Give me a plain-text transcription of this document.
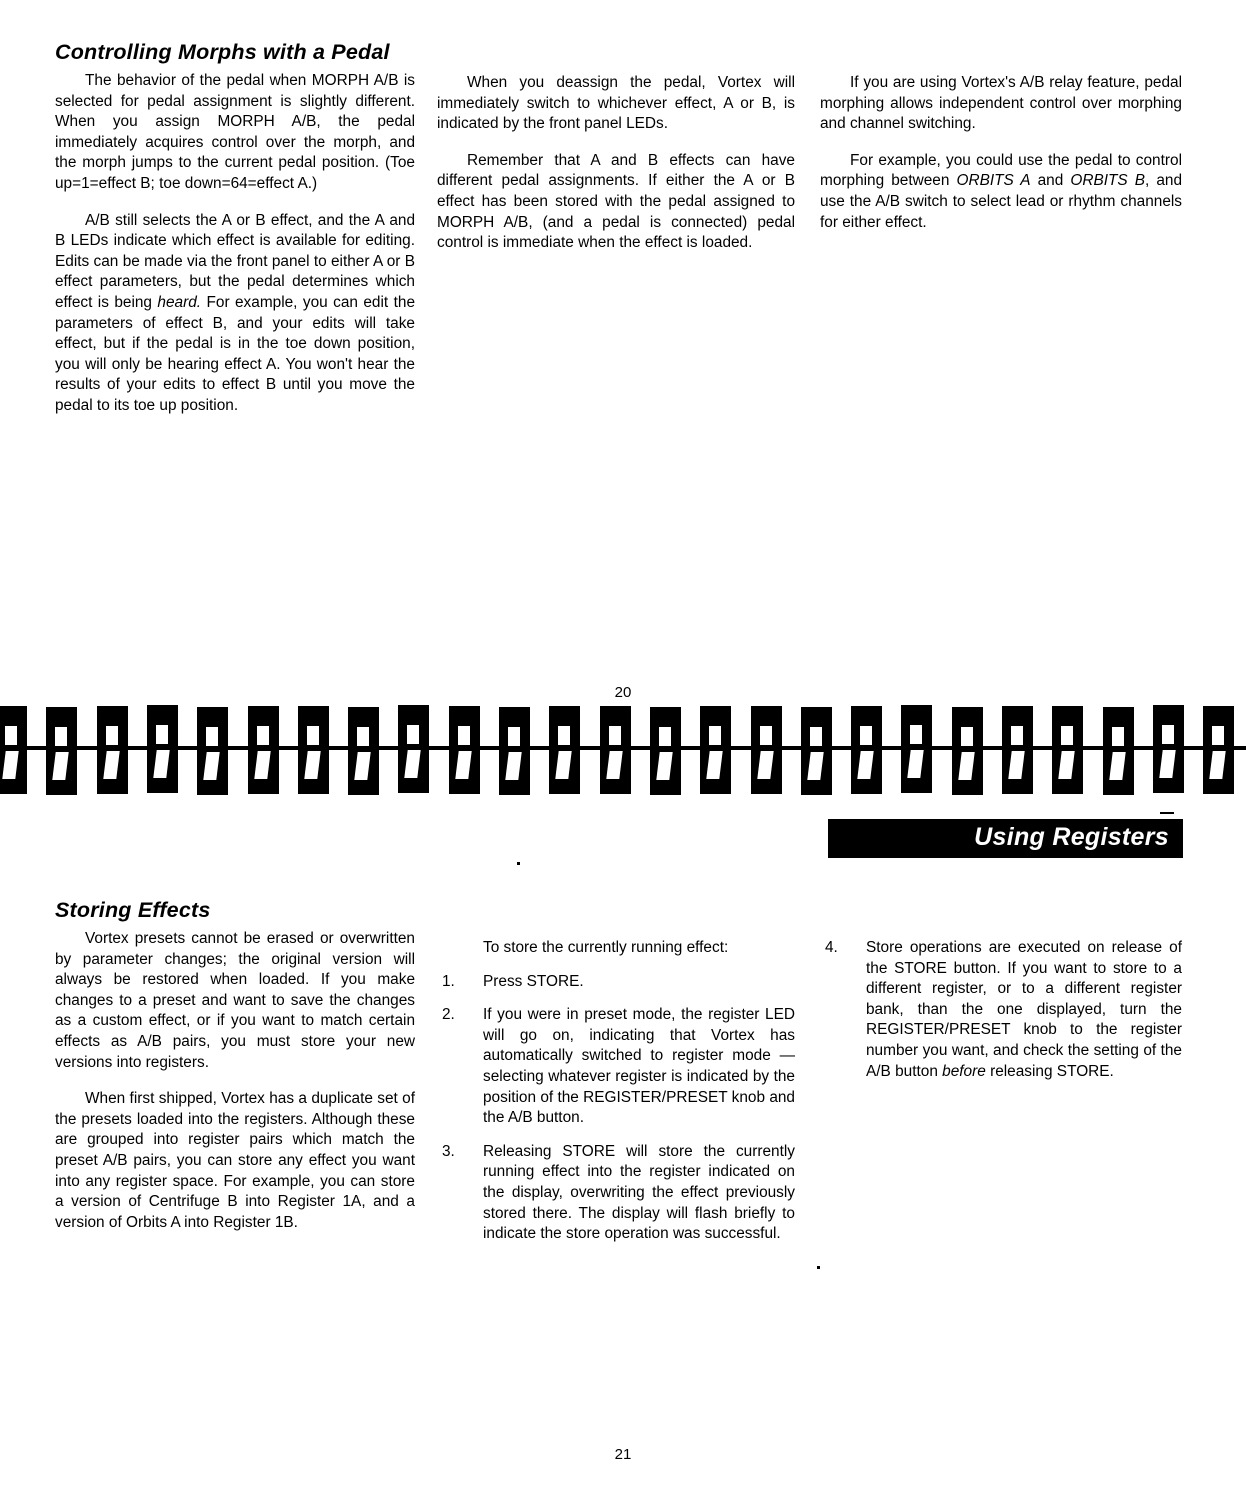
Controlling Morphs with a Pedal

The behavior of the pedal when MORPH A/B is selected for pedal assignment is slightly different. When you assign MORPH A/B, the pedal immediately acquires control over the morph, and the morph jumps to the current pedal position. (Toe up=1=effect B; toe down=64=effect A.)

A/B still selects the A or B effect, and the A and B LEDs indicate which effect is available for editing. Edits can be made via the front panel to either A or B effect parameters, but the pedal determines which effect is being heard. For example, you can edit the parameters of effect B, and your edits will take effect, but if the pedal is in the toe down position, you will only be hearing effect A. You won't hear the results of your edits to effect B until you move the pedal to its toe up position.

When you deassign the pedal, Vortex will immediately switch to whichever effect, A or B, is indicated by the front panel LEDs.

Remember that A and B effects can have different pedal assignments. If either the A or B effect has been stored with the pedal assigned to MORPH A/B, (and a pedal is connected) pedal control is immediate when the effect is loaded.

If you are using Vortex's A/B relay feature, pedal morphing allows independent control over morphing and channel switching.

For example, you could use the pedal to control morphing between ORBITS A and ORBITS B, and use the A/B switch to select lead or rhythm channels for either effect.

20
Using Registers
Storing Effects

Vortex presets cannot be erased or overwritten by parameter changes; the original version will always be restored when loaded. If you make changes to a preset and want to save the changes as a custom effect, or if you want to match certain effects as A/B pairs, you must store your new versions into registers.

When first shipped, Vortex has a duplicate set of the presets loaded into the registers. Although these are grouped into register pairs which match the preset A/B pairs, you can store any effect you want into any register space. For example, you can store a version of Centrifuge B into Register 1A, and a version of Orbits A into Register 1B.

To store the currently running effect:

1.	Press STORE.
2.	If you were in preset mode, the register LED will go on, indicating that Vortex has automatically switched to register mode — selecting whatever register is indicated by the position of the REGISTER/PRESET knob and the A/B button.
3.	Releasing STORE will store the currently running effect into the register indicated on the display, overwriting the effect previously stored there. The display will flash briefly to indicate the store operation was successful.
4.	Store operations are executed on release of the STORE button. If you want to store to a different register, or to a different register bank, than the one displayed, turn the REGISTER/PRESET knob to the register number you want, and check the setting of the A/B button before releasing STORE.
21
